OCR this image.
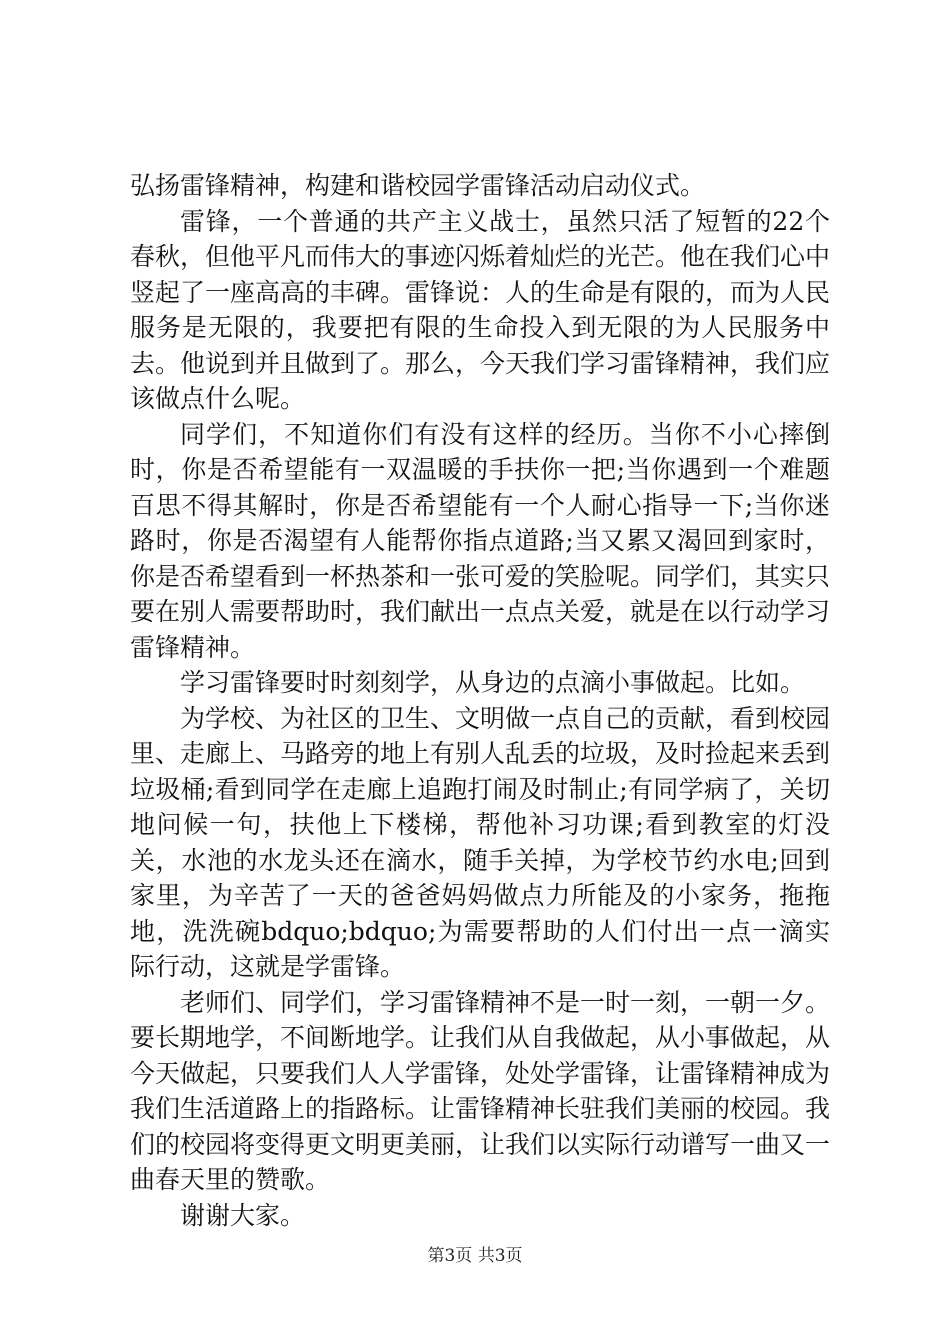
弘扬雷锋精神，构建和谐校园学雷锋活动启动仪式。

雷锋，一个普通的共产主义战士，虽然只活了短暂的22个春秋，但他平凡而伟大的事迹闪烁着灿烂的光芒。他在我们心中竖起了一座高高的丰碑。雷锋说：人的生命是有限的，而为人民服务是无限的，我要把有限的生命投入到无限的为人民服务中去。他说到并且做到了。那么，今天我们学习雷锋精神，我们应该做点什么呢。

同学们，不知道你们有没有这样的经历。当你不小心摔倒时，你是否希望能有一双温暖的手扶你一把;当你遇到一个难题百思不得其解时，你是否希望能有一个人耐心指导一下;当你迷路时，你是否渴望有人能帮你指点道路;当又累又渴回到家时，你是否希望看到一杯热茶和一张可爱的笑脸呢。同学们，其实只要在别人需要帮助时，我们献出一点点关爱，就是在以行动学习雷锋精神。

学习雷锋要时时刻刻学，从身边的点滴小事做起。比如。

为学校、为社区的卫生、文明做一点自己的贡献，看到校园里、走廊上、马路旁的地上有别人乱丢的垃圾，及时捡起来丢到垃圾桶;看到同学在走廊上追跑打闹及时制止;有同学病了，关切地问候一句，扶他上下楼梯，帮他补习功课;看到教室的灯没关，水池的水龙头还在滴水，随手关掉，为学校节约水电;回到家里，为辛苦了一天的爸爸妈妈做点力所能及的小家务，拖拖地，洗洗碗bdquo;bdquo;为需要帮助的人们付出一点一滴实际行动，这就是学雷锋。

老师们、同学们，学习雷锋精神不是一时一刻，一朝一夕。要长期地学，不间断地学。让我们从自我做起，从小事做起，从今天做起，只要我们人人学雷锋，处处学雷锋，让雷锋精神成为我们生活道路上的指路标。让雷锋精神长驻我们美丽的校园。我们的校园将变得更文明更美丽，让我们以实际行动谱写一曲又一曲春天里的赞歌。

谢谢大家。

第3页 共3页
